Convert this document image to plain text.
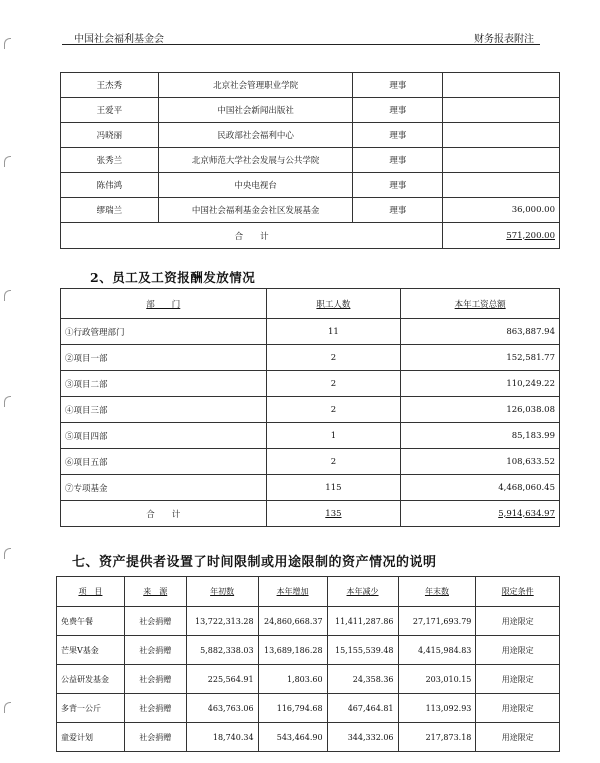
中国社会福利基金会	财务报表附注
王杰秀	北京社会管理职业学院	理事	
王爱平	中国社会新闻出版社	理事	
冯晓丽	民政部社会福利中心	理事	
张秀兰	北京师范大学社会发展与公共学院	理事	
陈伟鸿	中央电视台	理事	
缪瑞兰	中国社会福利基金会社区发展基金	理事	36,000.00
合　　计			571,200.00
2、员工及工资报酬发放情况
部　　门	职工人数	本年工资总额
①行政管理部门	11	863,887.94
②项目一部	2	152,581.77
③项目二部	2	110,249.22
④项目三部	2	126,038.08
⑤项目四部	1	85,183.99
⑥项目五部	2	108,633.52
⑦专项基金	115	4,468,060.45
合　　计	135	5,914,634.97
七、资产提供者设置了时间限制或用途限制的资产情况的说明
项　目	来　源	年初数	本年增加	本年减少	年末数	限定条件
免费午餐	社会捐赠	13,722,313.28	24,860,668.37	11,411,287.86	27,171,693.79	用途限定
芒果V基金	社会捐赠	5,882,338.03	13,689,186.28	15,155,539.48	4,415,984.83	用途限定
公益研发基金	社会捐赠	225,564.91	1,803.60	24,358.36	203,010.15	用途限定
多背一公斤	社会捐赠	463,763.06	116,794.68	467,464.81	113,092.93	用途限定
童爱计划	社会捐赠	18,740.34	543,464.90	344,332.06	217,873.18	用途限定
